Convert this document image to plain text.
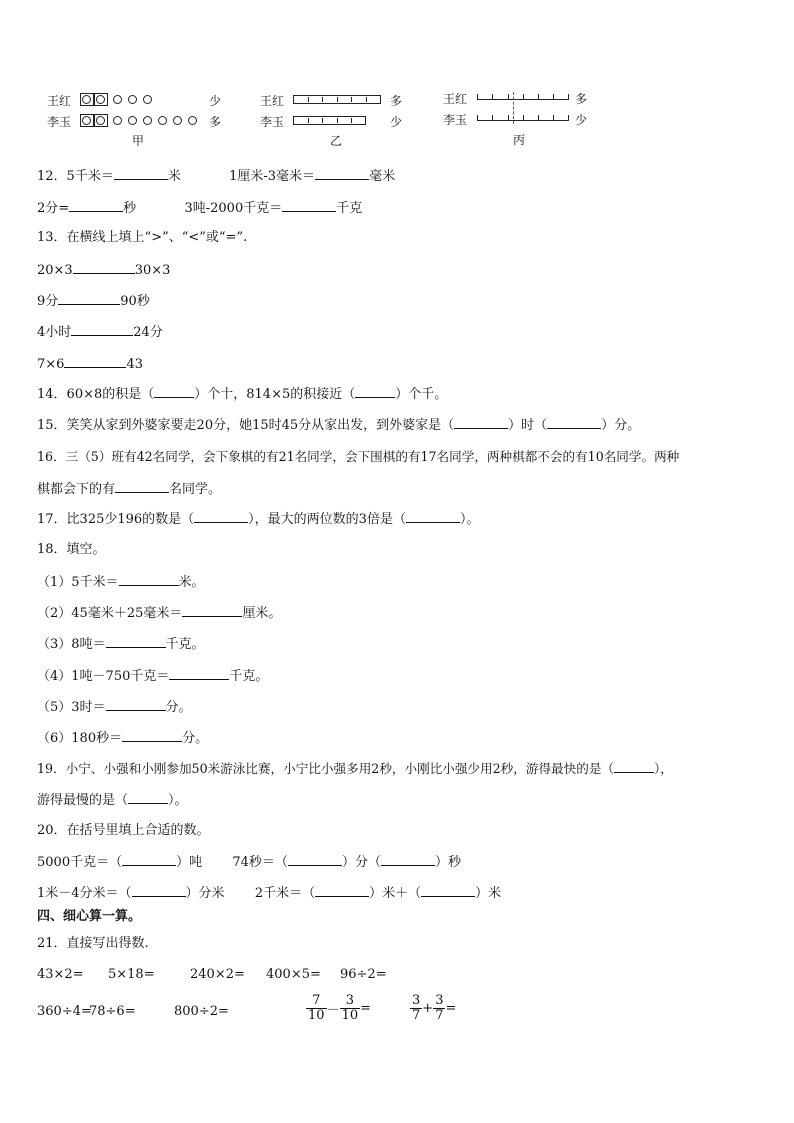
王红
李玉
少
多
甲
王红
李玉
多
少
乙
王红
李玉
多
少
丙
12．5千米＝	米	1厘米-3毫米＝	毫米
2分=	秒	3吨-2000千克＝	千克
13．在横线上填上“>”、“<”或“=”.
20×3	30×3
9分	90秒
4小时	24分
7×6	43
14．60×8的积是（	）个十，814×5的积接近（	）个千。
15．笑笑从家到外婆家要走20分，她15时45分从家出发，到外婆家是（	）时（	）分。
16．三（5）班有42名同学，会下象棋的有21名同学，会下围棋的有17名同学，两种棋都不会的有10名同学。两种
棋都会下的有	名同学。
17．比325少196的数是（	），最大的两位数的3倍是（	）。
18．填空。
（1）5千米＝	米。
（2）45毫米＋25毫米＝	厘米。
（3）8吨＝	千克。
（4）1吨－750千克＝	千克。
（5）3时＝	分。
（6）180秒＝	分。
19．小宁、小强和小刚参加50米游泳比赛，小宁比小强多用2秒，小刚比小强少用2秒，游得最快的是（	），
游得最慢的是（	）。
20．在括号里填上合适的数。
5000千克＝（	）吨 74秒＝（	）分（	）秒
1米－4分米＝（	）分米 2千米＝（	）米＋（	）米
四、细心算一算。
21．直接写出得数.
43×2= 5×18=	240×2= 400×5= 96÷2=
360÷4=78÷6=	800÷2=	$\frac{7}{10} - \frac{3}{10}$ =	$\frac{3}{7} + \frac{3}{7}$ =
